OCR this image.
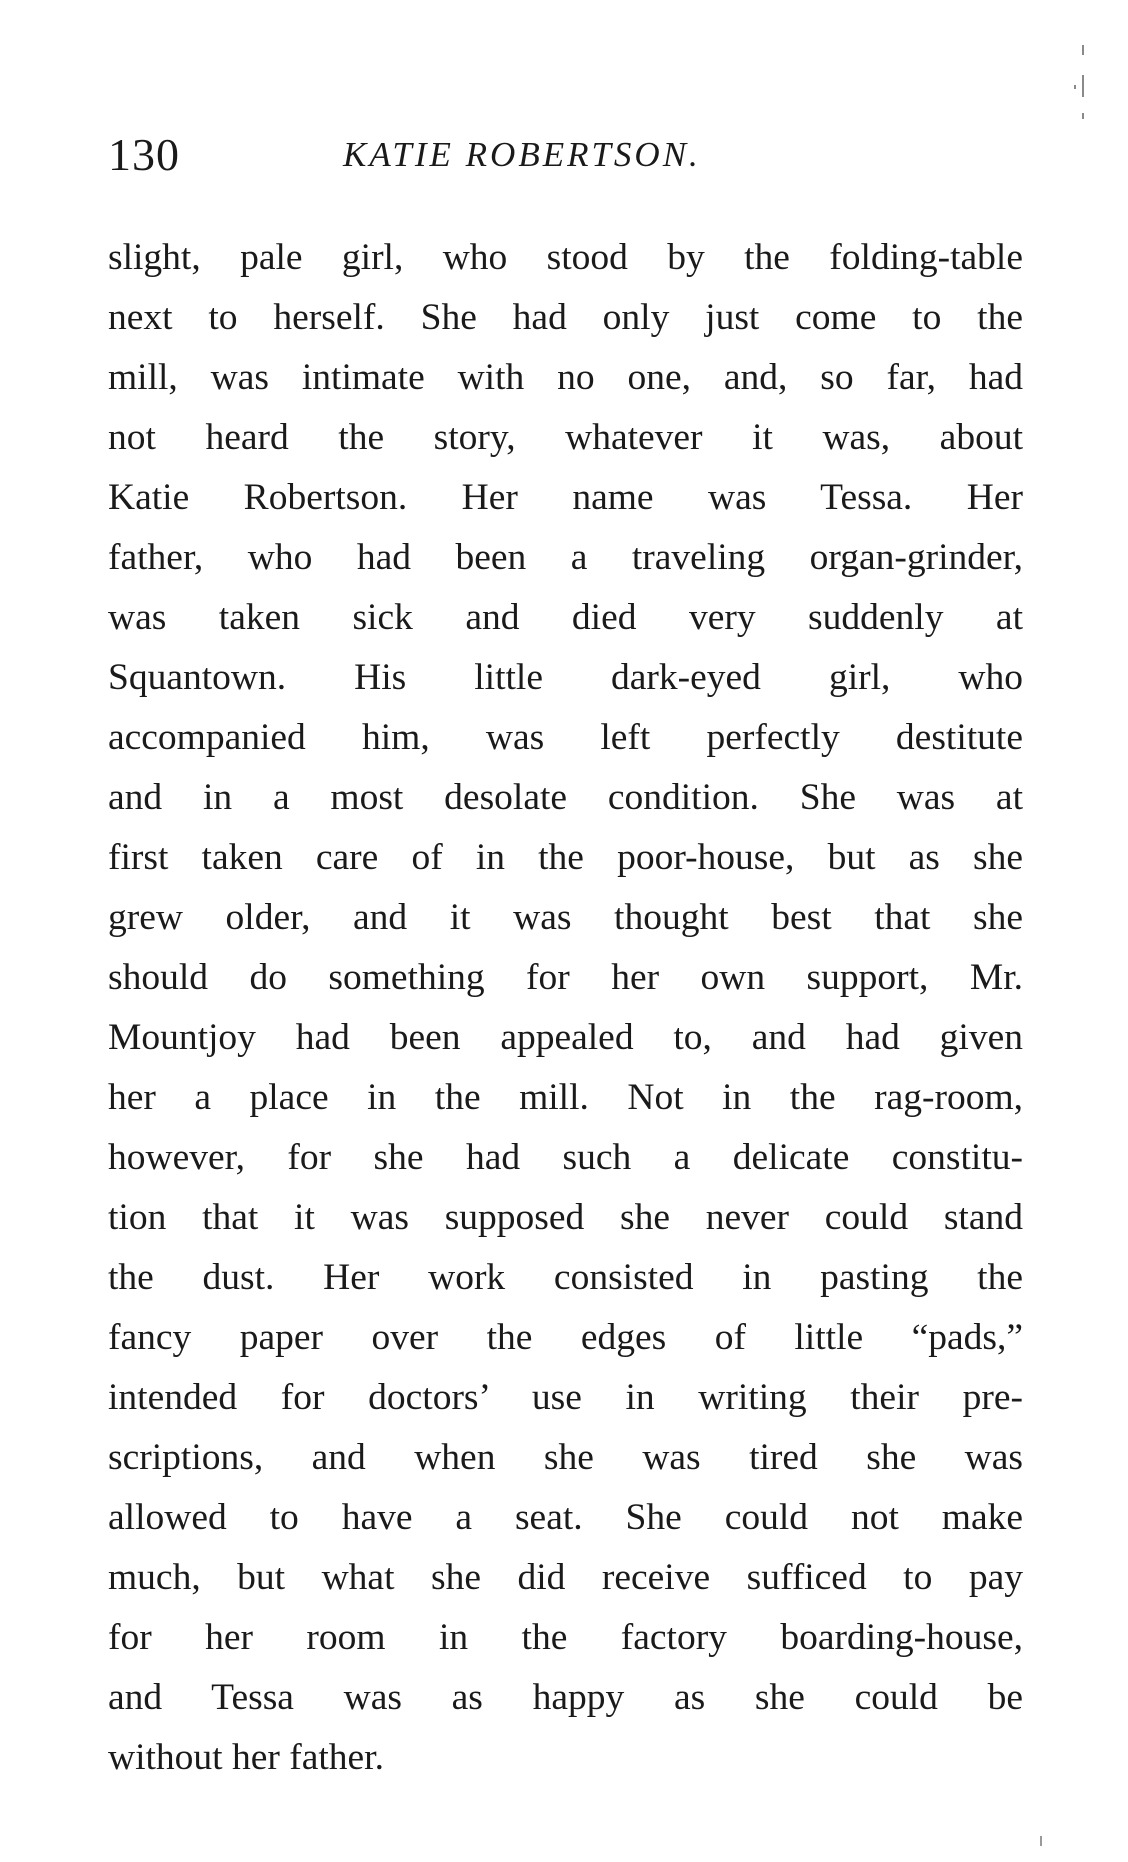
130	KATIE ROBERTSON.
slight, pale girl, who stood by the folding-table
next to herself. She had only just come to the
mill, was intimate with no one, and, so far, had
not heard the story, whatever it was, about
Katie Robertson. Her name was Tessa. Her
father, who had been a traveling organ-grinder,
was taken sick and died very suddenly at
Squantown. His little dark-eyed girl, who
accompanied him, was left perfectly destitute
and in a most desolate condition. She was at
first taken care of in the poor-house, but as she
grew older, and it was thought best that she
should do something for her own support, Mr.
Mountjoy had been appealed to, and had given
her a place in the mill. Not in the rag-room,
however, for she had such a delicate constitu-
tion that it was supposed she never could stand
the dust. Her work consisted in pasting the
fancy paper over the edges of little “pads,”
intended for doctors’ use in writing their pre-
scriptions, and when she was tired she was
allowed to have a seat. She could not make
much, but what she did receive sufficed to pay
for her room in the factory boarding-house,
and Tessa was as happy as she could be
without her father.
